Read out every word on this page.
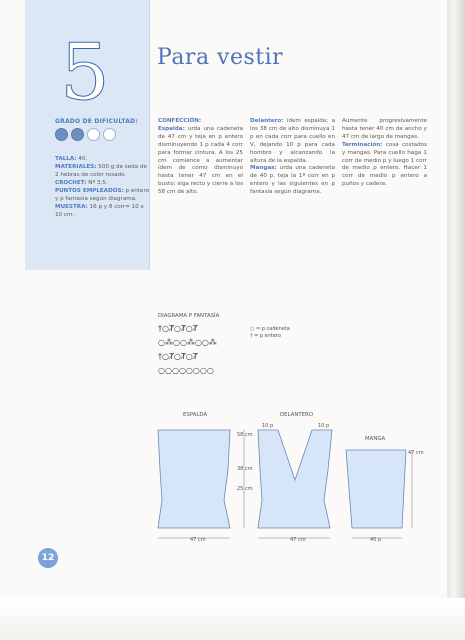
5	Para vestir
GRADO DE DIFICULTAD:
TALLA: 40.
MATERIALES: 500 g de seda de 2 hebras de color rosado.
CROCHET: Nº 3,5.
PUNTOS EMPLEADOS: p entero y p fantasía según diagrama.
MUESTRA: 16 p y 8 corr= 10 x 10 cm.
CONFECCIÓN:
Espalda: urda una cadeneta de 47 cm y teja en p entero disminuyendo 1 p cada 4 corr para formar cintura. A los 25 cm comience a aumentar ídem de como disminuyó hasta tener 47 cm en el busto; siga recto y cierre a los 58 cm de alto.
Delantero: ídem espalda; a los 38 cm de alto disminuya 1 p en cada corr para cuello en V, dejando 10 p para cada hombro y alcanzando la altura de la espalda.
Mangas: urda una cadeneta de 40 p, teja la 1ª corr en p entero y las siguientes en p fantasía según diagrama.
Aumente progresivamente hasta tener 40 cm de ancho y 47 cm de largo de mangas.
Terminación: cosa costados y mangas. Para cuello haga 1 corr de medio p y luego 1 corr de medio p entero. Hacer 1 corr de medio p entero a puños y cadera.
DIAGRAMA P FANTASÍA
†○Ⱦ○Ⱦ○Ⱦ
○⁂○○⁂○○⁂
†○Ⱦ○Ⱦ○Ⱦ
○○○○○○○○
○ = p cadeneta
† = p entero
ESPALDA	DELANTERO
MANGA
58 cm
38 cm
25 cm
10 p	10 p
47 cm
47 cm	47 cm	40 p
12
